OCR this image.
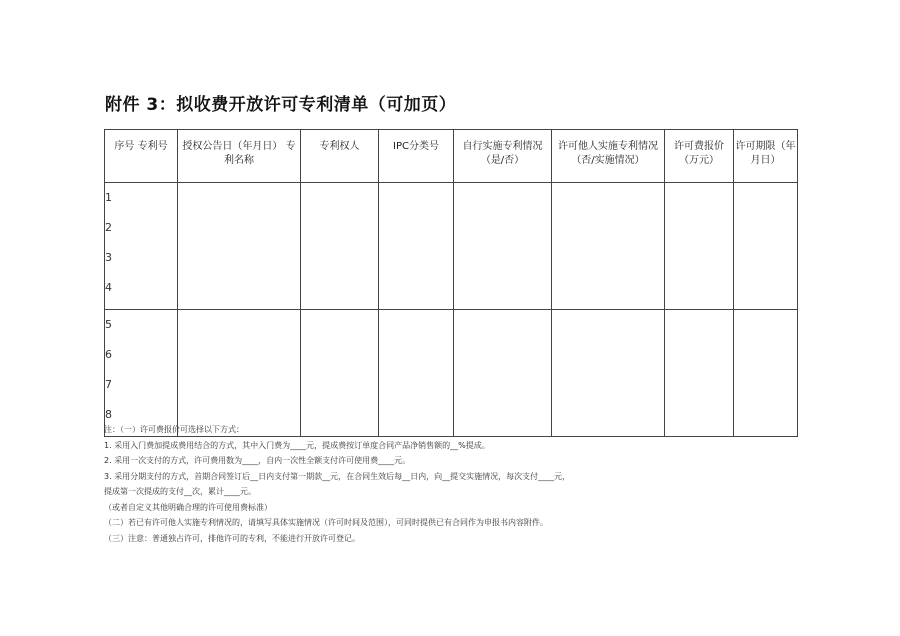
附件 3：拟收费开放许可专利清单（可加页）
序号 专利号	授权公告日（年月日） 专利名称	专利权人	IPC分类号	自行实施专利情况（是/否）	许可他人实施专利情况（否/实施情况）	许可费报价（万元）	许可期限（年月日）

1
2
3
4							

5
6
7
8							

注：（一）许可费报价可选择以下方式：
1. 采用入门费加提成费用结合的方式，其中入门费为____元，提成费按订单度合同产品净销售额的__%提成。
2. 采用一次支付的方式，许可费用数为____，自内一次性全额支付许可使用费____元。
3. 采用分期支付的方式，首期合同签订后__日内支付第一期款__元，在合同生效后每__日内，向__提交实施情况，每次支付____元，
提成第一次提成的支付__次，累计____元。
（或者自定义其他明确合理的许可使用费标准）
（二）若已有许可他人实施专利情况的，请填写具体实施情况（许可时间及范围），可同时提供已有合同作为申报书内容附件。
（三）注意：普通独占许可，排他许可的专利，不能进行开放许可登记。
